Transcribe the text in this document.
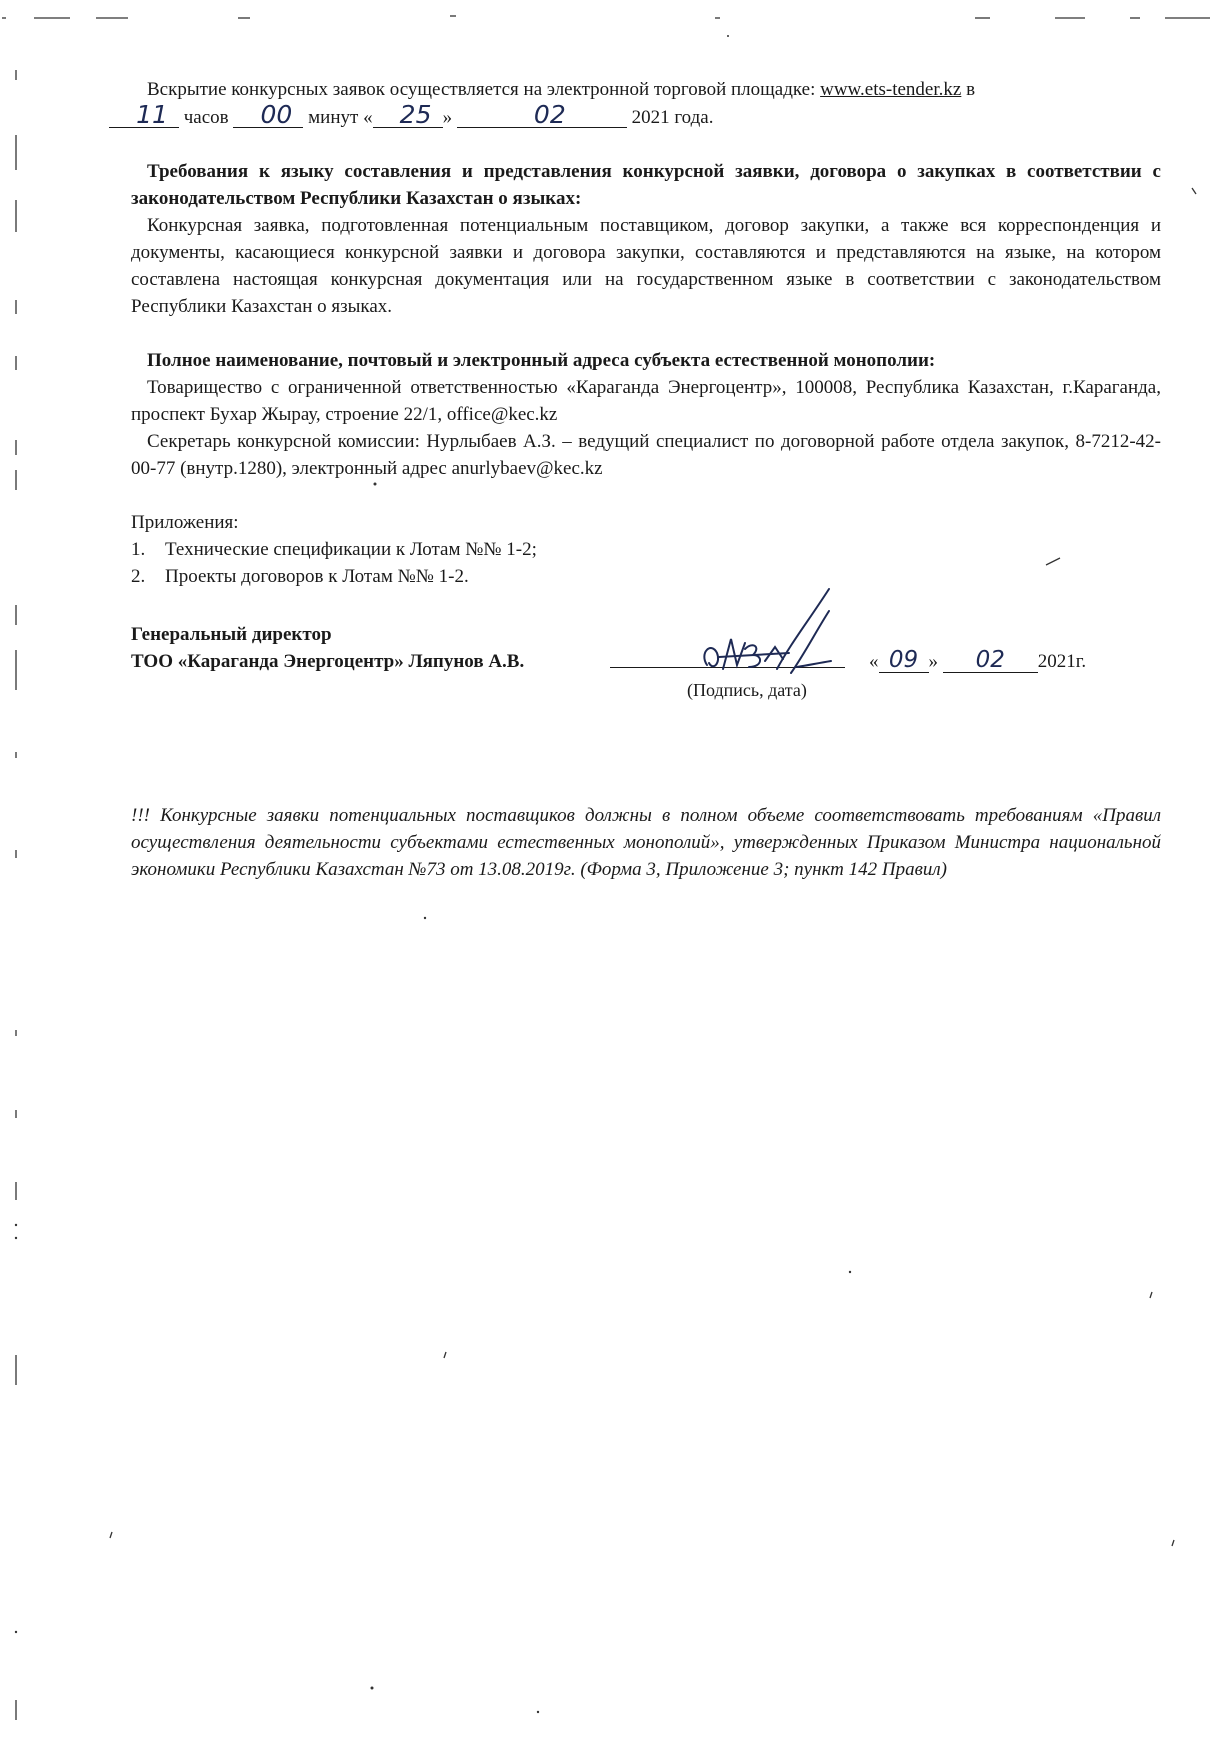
Вскрытие конкурсных заявок осуществляется на электронной торговой площадке: www.ets-tender.kz в
11 часов 00 минут « 25 »	02	2021 года.

Требования к языку составления и представления конкурсной заявки, договора о закупках в соответствии с законодательством Республики Казахстан о языках:

Конкурсная заявка, подготовленная потенциальным поставщиком, договор закупки, а также вся корреспонденция и документы, касающиеся конкурсной заявки и договора закупки, составляются и представляются на языке, на котором составлена настоящая конкурсная документация или на государственном языке в соответствии с законодательством Республики Казахстан о языках.

Полное наименование, почтовый и электронный адреса субъекта естественной монополии:

Товарищество с ограниченной ответственностью «Караганда Энергоцентр», 100008, Республика Казахстан, г.Караганда, проспект Бухар Жырау, строение 22/1, office@kec.kz

Секретарь конкурсной комиссии: Нурлыбаев А.З. – ведущий специалист по договорной работе отдела закупок, 8-7212-42-00-77 (внутр.1280), электронный адрес anurlybaev@kec.kz

Приложения:

1. Технические спецификации к Лотам №№ 1-2;
2. Проекты договоров к Лотам №№ 1-2.
Генеральный директор
ТОО «Караганда Энергоцентр» Ляпунов А.В.	« 09 » 02 2021г.
(Подпись, дата)

!!! Конкурсные заявки потенциальных поставщиков должны в полном объеме соответствовать требованиям «Правил осуществления деятельности субъектами естественных монополий», утвержденных Приказом Министра национальной экономики Республики Казахстан №73 от 13.08.2019г. (Форма 3, Приложение 3; пункт 142 Правил)
